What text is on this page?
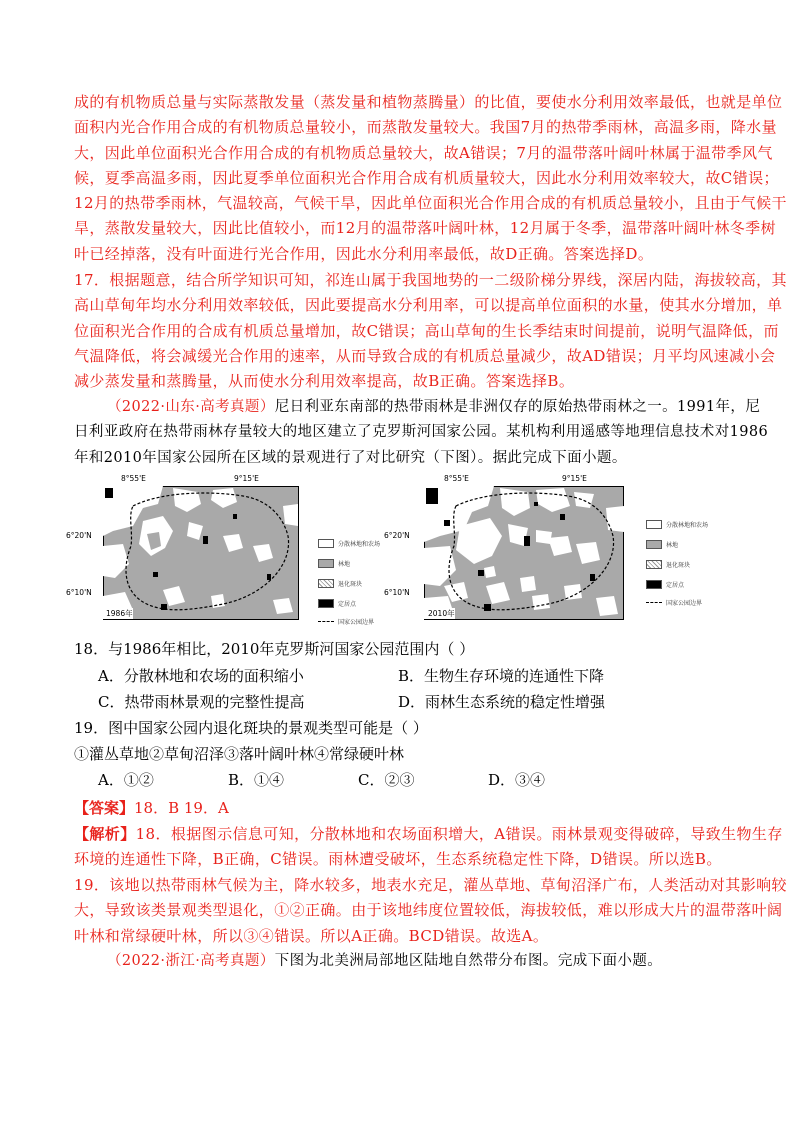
成的有机物质总量与实际蒸散发量（蒸发量和植物蒸腾量）的比值，要使水分利用效率最低，也就是单位
面积内光合作用合成的有机物质总量较小，而蒸散发量较大。我国7月的热带季雨林，高温多雨，降水量
大，因此单位面积光合作用合成的有机物质总量较大，故A错误；7月的温带落叶阔叶林属于温带季风气
候，夏季高温多雨，因此夏季单位面积光合作用合成有机质量较大，因此水分利用效率较大，故C错误；
12月的热带季雨林，气温较高，气候干旱，因此单位面积光合作用合成的有机质总量较小，且由于气候干
旱，蒸散发量较大，因此比值较小，而12月的温带落叶阔叶林，12月属于冬季，温带落叶阔叶林冬季树
叶已经掉落，没有叶面进行光合作用，因此水分利用率最低，故D正确。答案选择D。
17．根据题意，结合所学知识可知，祁连山属于我国地势的一二级阶梯分界线，深居内陆，海拔较高，其
高山草甸年均水分利用效率较低，因此要提高水分利用率，可以提高单位面积的水量，使其水分增加，单
位面积光合作用的合成有机质总量增加，故C错误；高山草甸的生长季结束时间提前，说明气温降低，而
气温降低，将会减缓光合作用的速率，从而导致合成的有机质总量减少，故AD错误；月平均风速减小会
减少蒸发量和蒸腾量，从而使水分利用效率提高，故B正确。答案选择B。
（2022·山东·高考真题）尼日利亚东南部的热带雨林是非洲仅存的原始热带雨林之一。1991年，尼
日利亚政府在热带雨林存量较大的地区建立了克罗斯河国家公园。某机构利用遥感等地理信息技术对1986
年和2010年国家公园所在区域的景观进行了对比研究（下图）。据此完成下面小题。
8°55'E	9°15'E
6°20'N
6°10'N
1986年
分散林地和农场
林地
退化斑块
定居点
国家公园边界
8°55'E	9°15'E
6°20'N
6°10'N
2010年
分散林地和农场
林地
退化斑块
定居点
国家公园边界
18．与1986年相比，2010年克罗斯河国家公园范围内（ ）
A．分散林地和农场的面积缩小	B．生物生存环境的连通性下降
C．热带雨林景观的完整性提高	D．雨林生态系统的稳定性增强
19．图中国家公园内退化斑块的景观类型可能是（ ）
①灌丛草地②草甸沼泽③落叶阔叶林④常绿硬叶林
A．①②	B．①④	C．②③	D．③④
【答案】18．B 19．A
【解析】18．根据图示信息可知，分散林地和农场面积增大，A错误。雨林景观变得破碎，导致生物生存
环境的连通性下降，B正确，C错误。雨林遭受破坏，生态系统稳定性下降，D错误。所以选B。
19．该地以热带雨林气候为主，降水较多，地表水充足，灌丛草地、草甸沼泽广布，人类活动对其影响较
大，导致该类景观类型退化，①②正确。由于该地纬度位置较低，海拔较低，难以形成大片的温带落叶阔
叶林和常绿硬叶林，所以③④错误。所以A正确。BCD错误。故选A。
（2022·浙江·高考真题）下图为北美洲局部地区陆地自然带分布图。完成下面小题。
